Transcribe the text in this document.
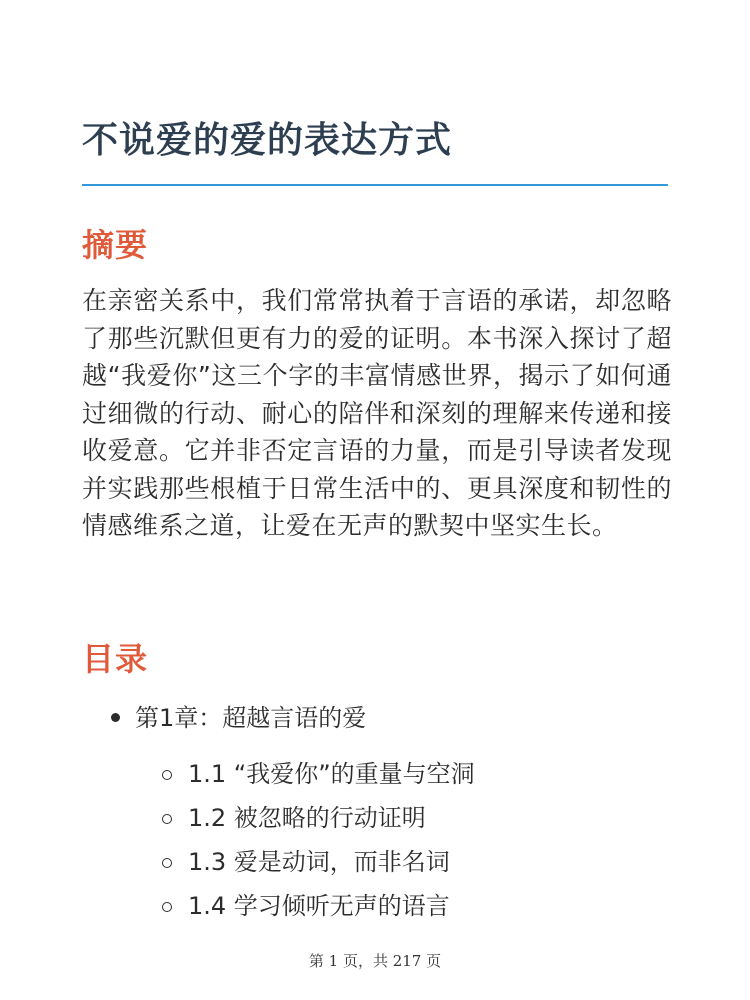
不说爱的爱的表达方式
摘要

在亲密关系中，我们常常执着于言语的承诺，却忽略了那些沉默但更有力的爱的证明。本书深入探讨了超越“我爱你”这三个字的丰富情感世界，揭示了如何通过细微的行动、耐心的陪伴和深刻的理解来传递和接收爱意。它并非否定言语的力量，而是引导读者发现并实践那些根植于日常生活中的、更具深度和韧性的情感维系之道，让爱在无声的默契中坚实生长。

目录
第1章：超越言语的爱
1.1 “我爱你”的重量与空洞
1.2 被忽略的行动证明
1.3 爱是动词，而非名词
1.4 学习倾听无声的语言
第 1 页，共 217 页
